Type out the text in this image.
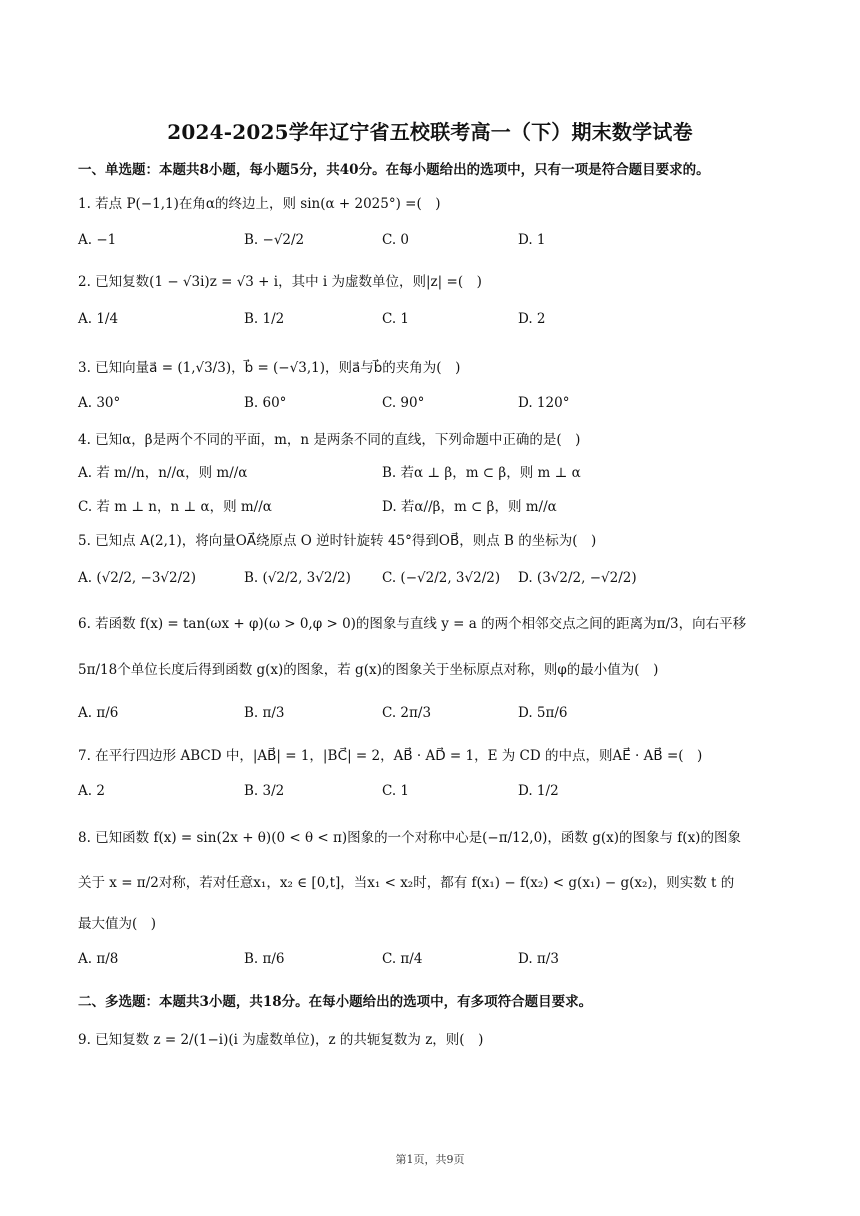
2024-2025学年辽宁省五校联考高一（下）期末数学试卷
一、单选题：本题共8小题，每小题5分，共40分。在每小题给出的选项中，只有一项是符合题目要求的。
1. 若点 P(−1,1)在角α的终边上，则 sin(α + 2025°) =(　)
A. −1	B. −√2/2	C. 0	D. 1
2. 已知复数(1 − √3i)z = √3 + i，其中 i 为虚数单位，则|z| =(　)
A. 1/4	B. 1/2	C. 1	D. 2
3. 已知向量a⃗ = (1,√3/3)，b⃗ = (−√3,1)，则a⃗与b⃗的夹角为(　)
A. 30°	B. 60°	C. 90°	D. 120°
4. 已知α，β是两个不同的平面，m，n 是两条不同的直线，下列命题中正确的是(　)
A. 若 m//n，n//α，则 m//α	B. 若α ⊥ β，m ⊂ β，则 m ⊥ α
C. 若 m ⊥ n，n ⊥ α，则 m//α	D. 若α//β，m ⊂ β，则 m//α
5. 已知点 A(2,1)，将向量OA⃗绕原点 O 逆时针旋转 45°得到OB⃗，则点 B 的坐标为(　)
A. (√2/2, −3√2/2)	B. (√2/2, 3√2/2) C. (−√2/2, 3√2/2) D. (3√2/2, −√2/2)
6. 若函数 f(x) = tan(ωx + φ)(ω > 0,φ > 0)的图象与直线 y = a 的两个相邻交点之间的距离为π/3，向右平移
5π/18个单位长度后得到函数 g(x)的图象，若 g(x)的图象关于坐标原点对称，则φ的最小值为(　)
A. π/6	B. π/3	C. 2π/3	D. 5π/6
7. 在平行四边形 ABCD 中，|AB⃗| = 1，|BC⃗| = 2，AB⃗ · AD⃗ = 1，E 为 CD 的中点，则AE⃗ · AB⃗ =(　)
A. 2	B. 3/2	C. 1	D. 1/2
8. 已知函数 f(x) = sin(2x + θ)(0 < θ < π)图象的一个对称中心是(−π/12,0)，函数 g(x)的图象与 f(x)的图象
关于 x = π/2对称，若对任意x₁，x₂ ∈ [0,t]，当x₁ < x₂时，都有 f(x₁) − f(x₂) < g(x₁) − g(x₂)，则实数 t 的
最大值为(　)
A. π/8	B. π/6	C. π/4	D. π/3
二、多选题：本题共3小题，共18分。在每小题给出的选项中，有多项符合题目要求。
9. 已知复数 z = 2/(1−i)(i 为虚数单位)，z 的共轭复数为 z，则(　)
第1页，共9页
